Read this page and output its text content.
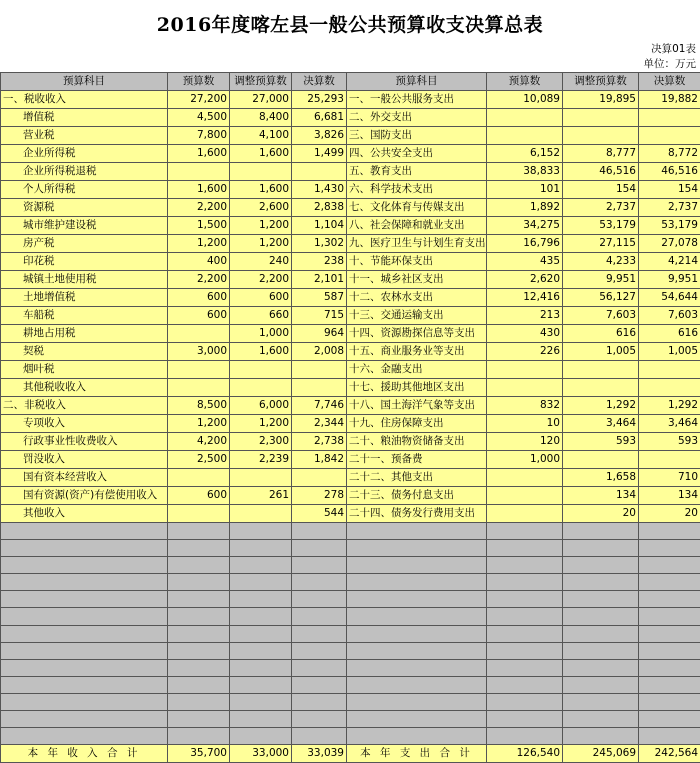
2016年度喀左县一般公共预算收支决算总表
决算01表
单位：万元
预算科目	预算数	调整预算数	决算数	预算科目	预算数	调整预算数	决算数
一、税收收入	27,200	27,000	25,293	一、一般公共服务支出	10,089	19,895	19,882
增值税	4,500	8,400	6,681	二、外交支出			
营业税	7,800	4,100	3,826	三、国防支出			
企业所得税	1,600	1,600	1,499	四、公共安全支出	6,152	8,777	8,772
企业所得税退税				五、教育支出	38,833	46,516	46,516
个人所得税	1,600	1,600	1,430	六、科学技术支出	101	154	154
资源税	2,200	2,600	2,838	七、文化体育与传媒支出	1,892	2,737	2,737
城市维护建设税	1,500	1,200	1,104	八、社会保障和就业支出	34,275	53,179	53,179
房产税	1,200	1,200	1,302	九、医疗卫生与计划生育支出	16,796	27,115	27,078
印花税	400	240	238	十、节能环保支出	435	4,233	4,214
城镇土地使用税	2,200	2,200	2,101	十一、城乡社区支出	2,620	9,951	9,951
土地增值税	600	600	587	十二、农林水支出	12,416	56,127	54,644
车船税	600	660	715	十三、交通运输支出	213	7,603	7,603
耕地占用税		1,000	964	十四、资源勘探信息等支出	430	616	616
契税	3,000	1,600	2,008	十五、商业服务业等支出	226	1,005	1,005
烟叶税				十六、金融支出			
其他税收收入				十七、援助其他地区支出			
二、非税收入	8,500	6,000	7,746	十八、国土海洋气象等支出	832	1,292	1,292
专项收入	1,200	1,200	2,344	十九、住房保障支出	10	3,464	3,464
行政事业性收费收入	4,200	2,300	2,738	二十、粮油物资储备支出	120	593	593
罚没收入	2,500	2,239	1,842	二十一、预备费	1,000		
国有资本经营收入				二十二、其他支出		1,658	710
国有资源(资产)有偿使用收入	600	261	278	二十三、债务付息支出		134	134
其他收入			544	二十四、债务发行费用支出		20	20

本 年 收 入 合 计	35,700	33,000	33,039	本 年 支 出 合 计	126,540	245,069	242,564
